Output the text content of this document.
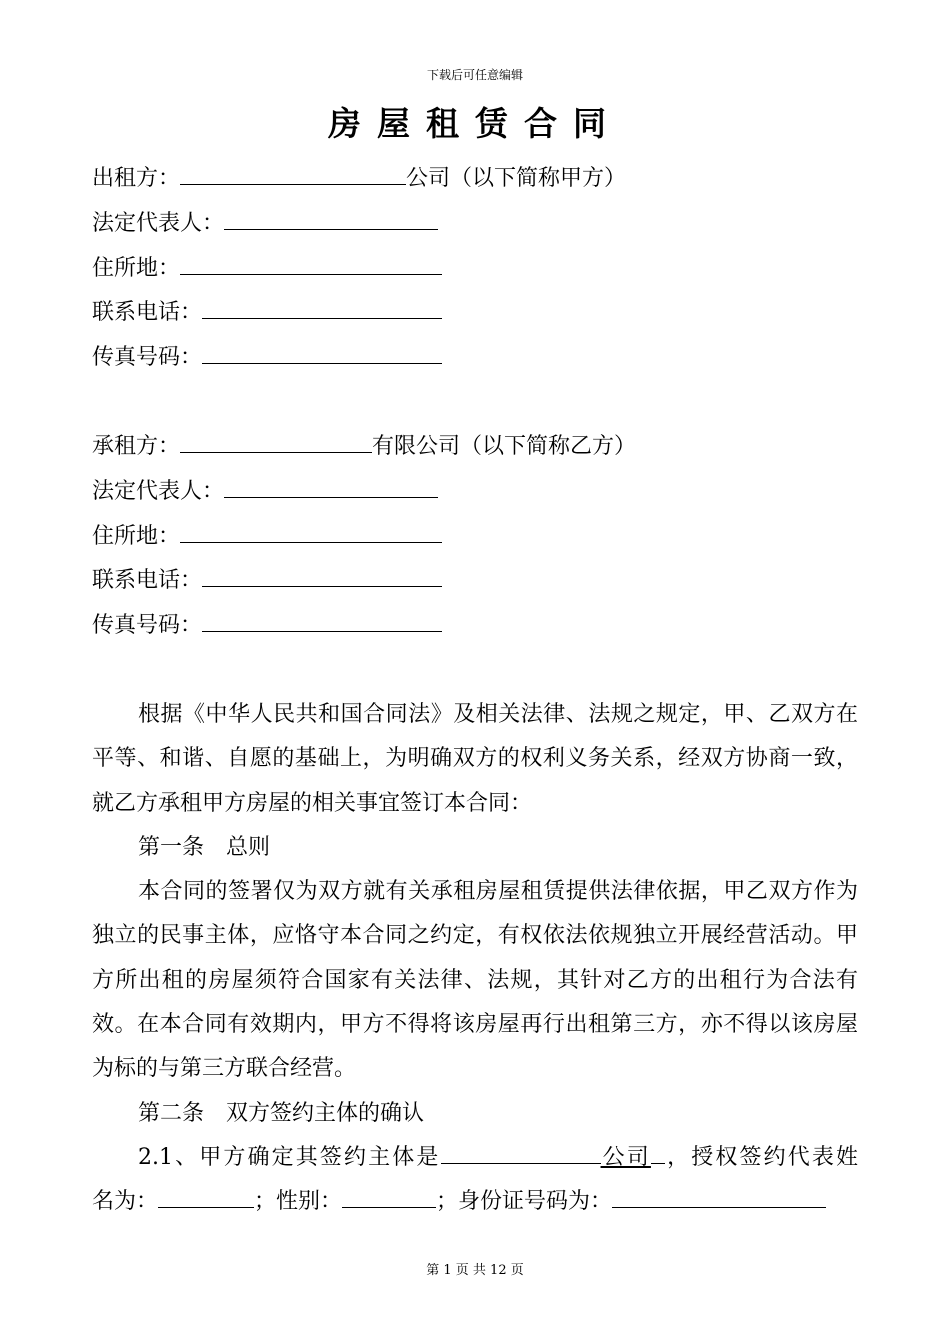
下载后可任意编辑
房屋租赁合同
出租方：	公司（以下简称甲方）
法定代表人：
住所地：
联系电话：
传真号码：
承租方：	有限公司（以下简称乙方）
法定代表人：
住所地：
联系电话：
传真号码：

根据《中华人民共和国合同法》及相关法律、法规之规定，甲、乙双方在平等、和谐、自愿的基础上，为明确双方的权利义务关系，经双方协商一致，就乙方承租甲方房屋的相关事宜签订本合同：

第一条　总则

本合同的签署仅为双方就有关承租房屋租赁提供法律依据，甲乙双方作为独立的民事主体，应恪守本合同之约定，有权依法依规独立开展经营活动。甲方所出租的房屋须符合国家有关法律、法规，其针对乙方的出租行为合法有效。在本合同有效期内，甲方不得将该房屋再行出租第三方，亦不得以该房屋为标的与第三方联合经营。

第二条　双方签约主体的确认

2.1、甲方确定其签约主体是	公司 ，授权签约代表姓

名为：	；性别：	；身份证号码为：

第 1 页 共 12 页
